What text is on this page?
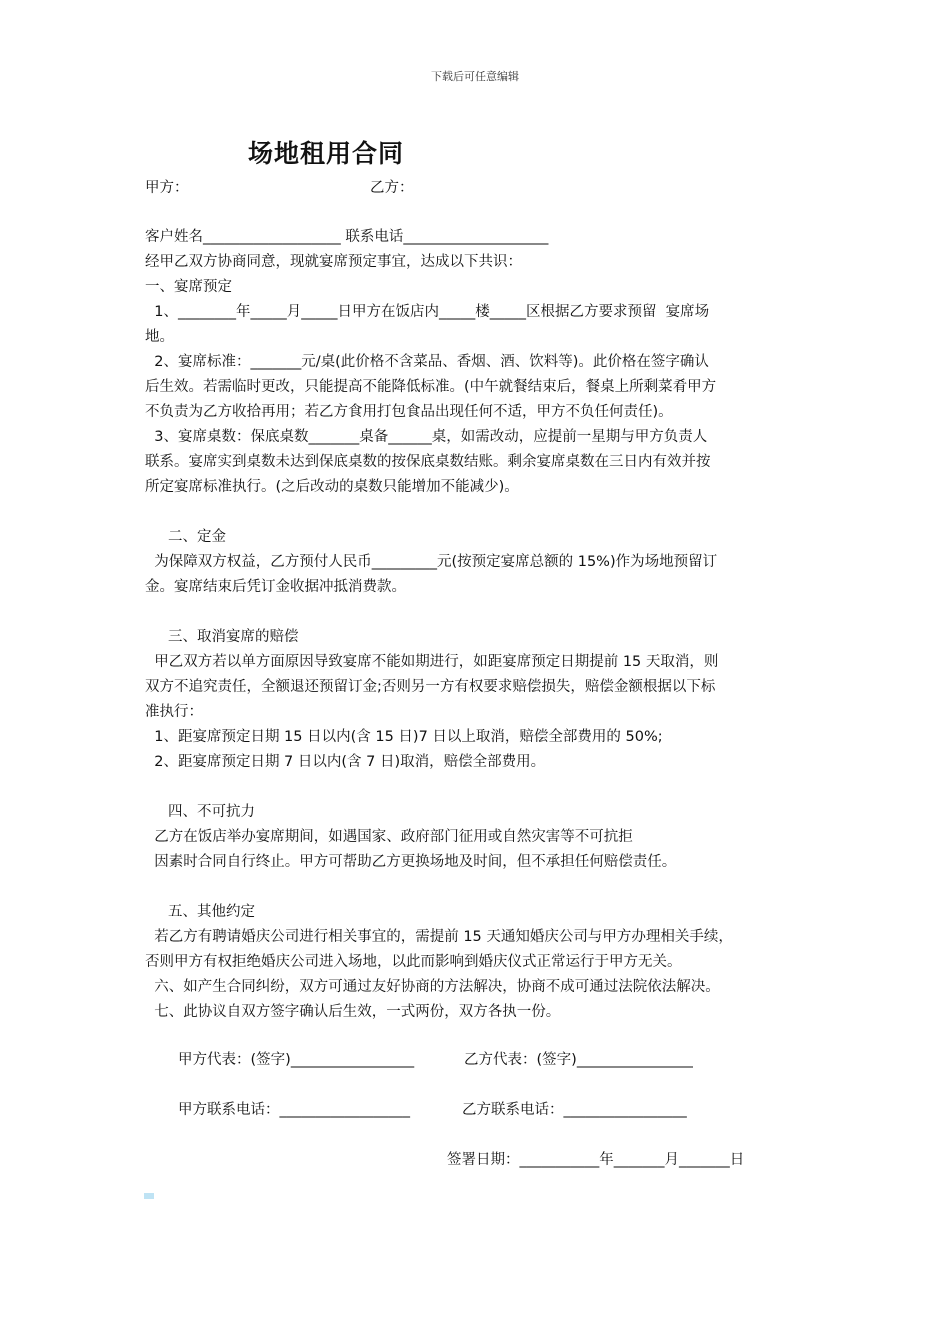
下载后可任意编辑
场地租用合同
甲方：	乙方：
客户姓名___________________ 联系电话____________________
经甲乙双方协商同意，现就宴席预定事宜，达成以下共识：
一、宴席预定
1、________年_____月_____日甲方在饭店内_____楼_____区根据乙方要求预留  宴席场
地。
2、宴席标准：_______元/桌(此价格不含菜品、香烟、酒、饮料等)。此价格在签字确认
后生效。若需临时更改，只能提高不能降低标准。(中午就餐结束后，餐桌上所剩菜肴甲方
不负责为乙方收拾再用；若乙方食用打包食品出现任何不适，甲方不负任何责任)。
3、宴席桌数：保底桌数_______桌备______桌，如需改动，应提前一星期与甲方负责人
联系。宴席实到桌数未达到保底桌数的按保底桌数结账。剩余宴席桌数在三日内有效并按
所定宴席标准执行。(之后改动的桌数只能增加不能减少)。
二、定金
为保障双方权益，乙方预付人民币_________元(按预定宴席总额的 15%)作为场地预留订
金。宴席结束后凭订金收据冲抵消费款。
三、取消宴席的赔偿
甲乙双方若以单方面原因导致宴席不能如期进行，如距宴席预定日期提前 15 天取消，则
双方不追究责任，全额退还预留订金;否则另一方有权要求赔偿损失，赔偿金额根据以下标
准执行：
1、距宴席预定日期 15 日以内(含 15 日)7 日以上取消，赔偿全部费用的 50%;
2、距宴席预定日期 7 日以内(含 7 日)取消，赔偿全部费用。
四、不可抗力
乙方在饭店举办宴席期间，如遇国家、政府部门征用或自然灾害等不可抗拒
因素时合同自行终止。甲方可帮助乙方更换场地及时间，但不承担任何赔偿责任。
五、其他约定
若乙方有聘请婚庆公司进行相关事宜的，需提前 15 天通知婚庆公司与甲方办理相关手续，
否则甲方有权拒绝婚庆公司进入场地，以此而影响到婚庆仪式正常运行于甲方无关。
六、如产生合同纠纷，双方可通过友好协商的方法解决，协商不成可通过法院依法解决。
七、此协议自双方签字确认后生效，一式两份，双方各执一份。
甲方代表：(签字)_________________	乙方代表：(签字)________________
甲方联系电话：__________________	乙方联系电话：_________________
签署日期：___________年_______月_______日
